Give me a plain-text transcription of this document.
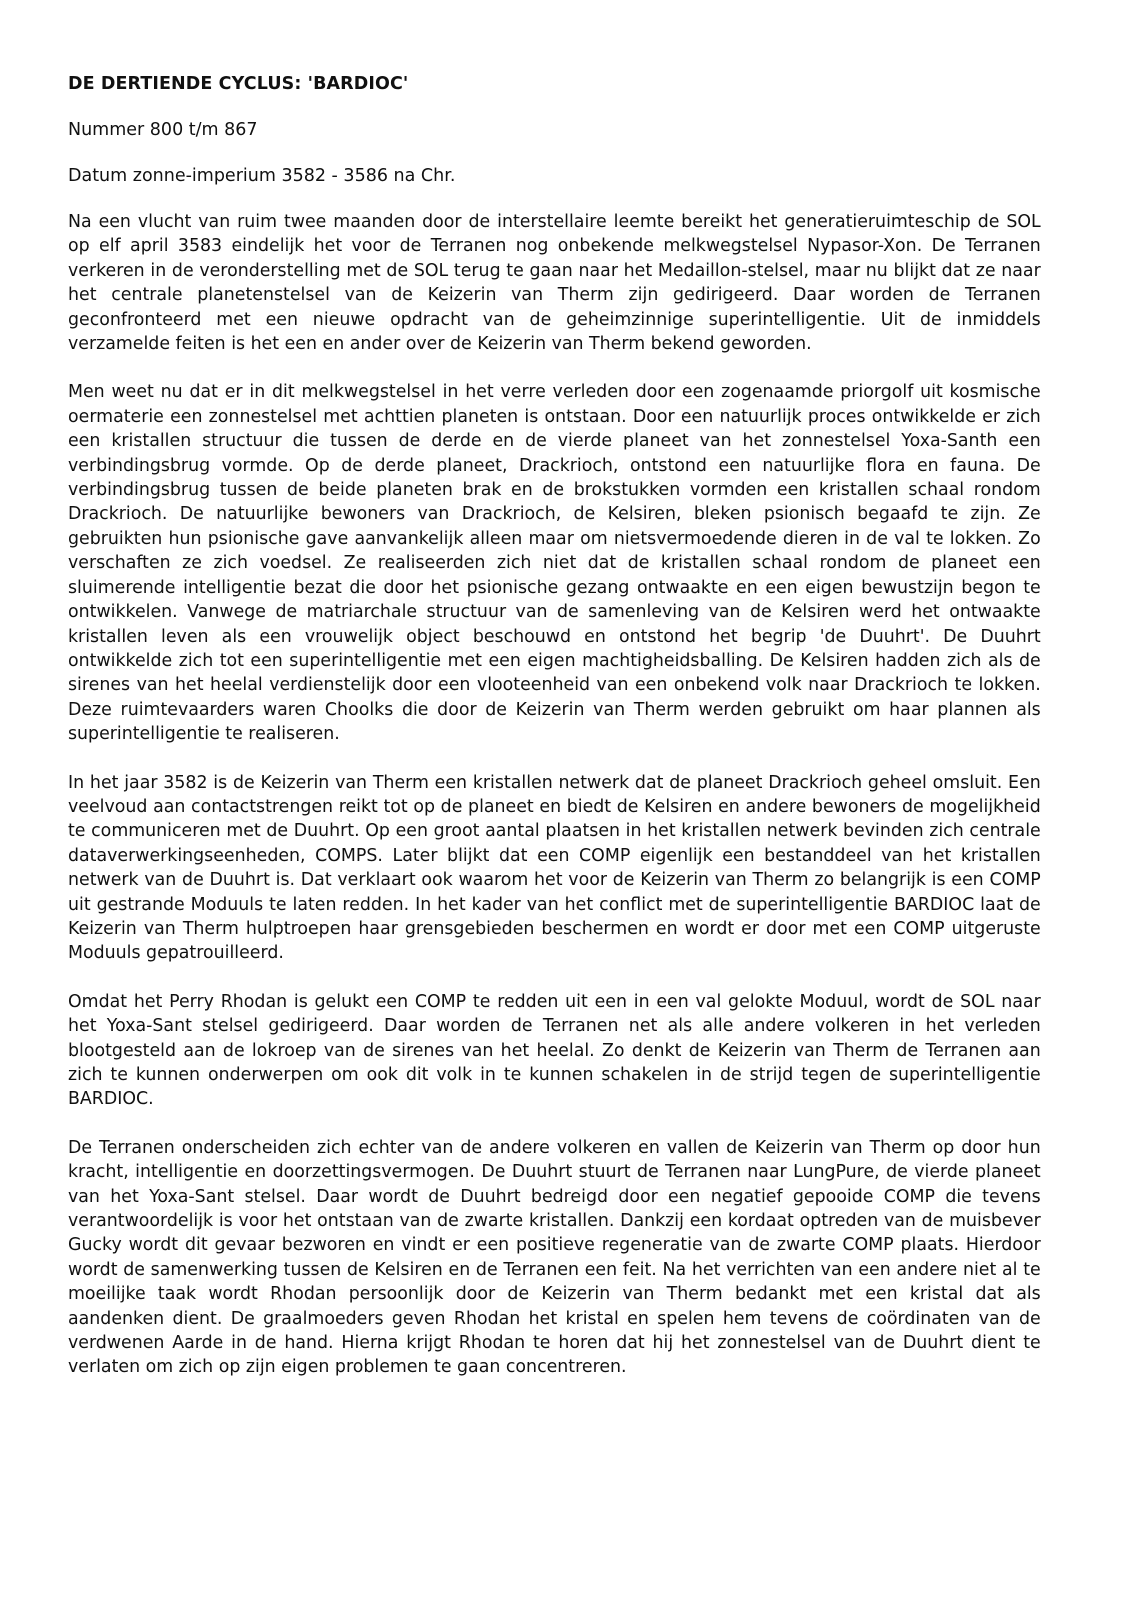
DE DERTIENDE CYCLUS: 'BARDIOC'
Nummer 800 t/m 867
Datum zonne-imperium 3582 - 3586 na Chr.

Na een vlucht van ruim twee maanden door de interstellaire leemte bereikt het generatieruimteschip de SOL op elf april 3583 eindelijk het voor de Terranen nog onbekende melkwegstelsel Nypasor-Xon. De Terranen verkeren in de veronderstelling met de SOL terug te gaan naar het Medaillon-stelsel, maar nu blijkt dat ze naar het centrale planetenstelsel van de Keizerin van Therm zijn gedirigeerd. Daar worden de Terranen geconfronteerd met een nieuwe opdracht van de geheimzinnige superintelligentie. Uit de inmiddels verzamelde feiten is het een en ander over de Keizerin van Therm bekend geworden.

Men weet nu dat er in dit melkwegstelsel in het verre verleden door een zogenaamde priorgolf uit kosmische oermaterie een zonnestelsel met achttien planeten is ontstaan. Door een natuurlijk proces ontwikkelde er zich een kristallen structuur die tussen de derde en de vierde planeet van het zonnestelsel Yoxa-Santh een verbindingsbrug vormde. Op de derde planeet, Drackrioch, ontstond een natuurlijke flora en fauna. De verbindingsbrug tussen de beide planeten brak en de brokstukken vormden een kristallen schaal rondom Drackrioch. De natuurlijke bewoners van Drackrioch, de Kelsiren, bleken psionisch begaafd te zijn. Ze gebruikten hun psionische gave aanvankelijk alleen maar om nietsvermoedende dieren in de val te lokken. Zo verschaften ze zich voedsel. Ze realiseerden zich niet dat de kristallen schaal rondom de planeet een sluimerende intelligentie bezat die door het psionische gezang ontwaakte en een eigen bewustzijn begon te ontwikkelen. Vanwege de matriarchale structuur van de samenleving van de Kelsiren werd het ontwaakte kristallen leven als een vrouwelijk object beschouwd en ontstond het begrip 'de Duuhrt'. De Duuhrt ontwikkelde zich tot een superintelligentie met een eigen machtigheidsballing. De Kelsiren hadden zich als de sirenes van het heelal verdienstelijk door een vlooteenheid van een onbekend volk naar Drackrioch te lokken. Deze ruimtevaarders waren Choolks die door de Keizerin van Therm werden gebruikt om haar plannen als superintelligentie te realiseren.

In het jaar 3582 is de Keizerin van Therm een kristallen netwerk dat de planeet Drackrioch geheel omsluit. Een veelvoud aan contactstrengen reikt tot op de planeet en biedt de Kelsiren en andere bewoners de mogelijkheid te communiceren met de Duuhrt. Op een groot aantal plaatsen in het kristallen netwerk bevinden zich centrale dataverwerkingseenheden, COMPS. Later blijkt dat een COMP eigenlijk een bestanddeel van het kristallen netwerk van de Duuhrt is. Dat verklaart ook waarom het voor de Keizerin van Therm zo belangrijk is een COMP uit gestrande Moduuls te laten redden. In het kader van het conflict met de superintelligentie BARDIOC laat de Keizerin van Therm hulptroepen haar grensgebieden beschermen en wordt er door met een COMP uitgeruste Moduuls gepatrouilleerd.

Omdat het Perry Rhodan is gelukt een COMP te redden uit een in een val gelokte Moduul, wordt de SOL naar het Yoxa-Sant stelsel gedirigeerd. Daar worden de Terranen net als alle andere volkeren in het verleden blootgesteld aan de lokroep van de sirenes van het heelal. Zo denkt de Keizerin van Therm de Terranen aan zich te kunnen onderwerpen om ook dit volk in te kunnen schakelen in de strijd tegen de superintelligentie BARDIOC.

De Terranen onderscheiden zich echter van de andere volkeren en vallen de Keizerin van Therm op door hun kracht, intelligentie en doorzettingsvermogen. De Duuhrt stuurt de Terranen naar LungPure, de vierde planeet van het Yoxa-Sant stelsel. Daar wordt de Duuhrt bedreigd door een negatief gepooide COMP die tevens verantwoordelijk is voor het ontstaan van de zwarte kristallen. Dankzij een kordaat optreden van de muisbever Gucky wordt dit gevaar bezworen en vindt er een positieve regeneratie van de zwarte COMP plaats. Hierdoor wordt de samenwerking tussen de Kelsiren en de Terranen een feit. Na het verrichten van een andere niet al te moeilijke taak wordt Rhodan persoonlijk door de Keizerin van Therm bedankt met een kristal dat als aandenken dient. De graalmoeders geven Rhodan het kristal en spelen hem tevens de coördinaten van de verdwenen Aarde in de hand. Hierna krijgt Rhodan te horen dat hij het zonnestelsel van de Duuhrt dient te verlaten om zich op zijn eigen problemen te gaan concentreren.
